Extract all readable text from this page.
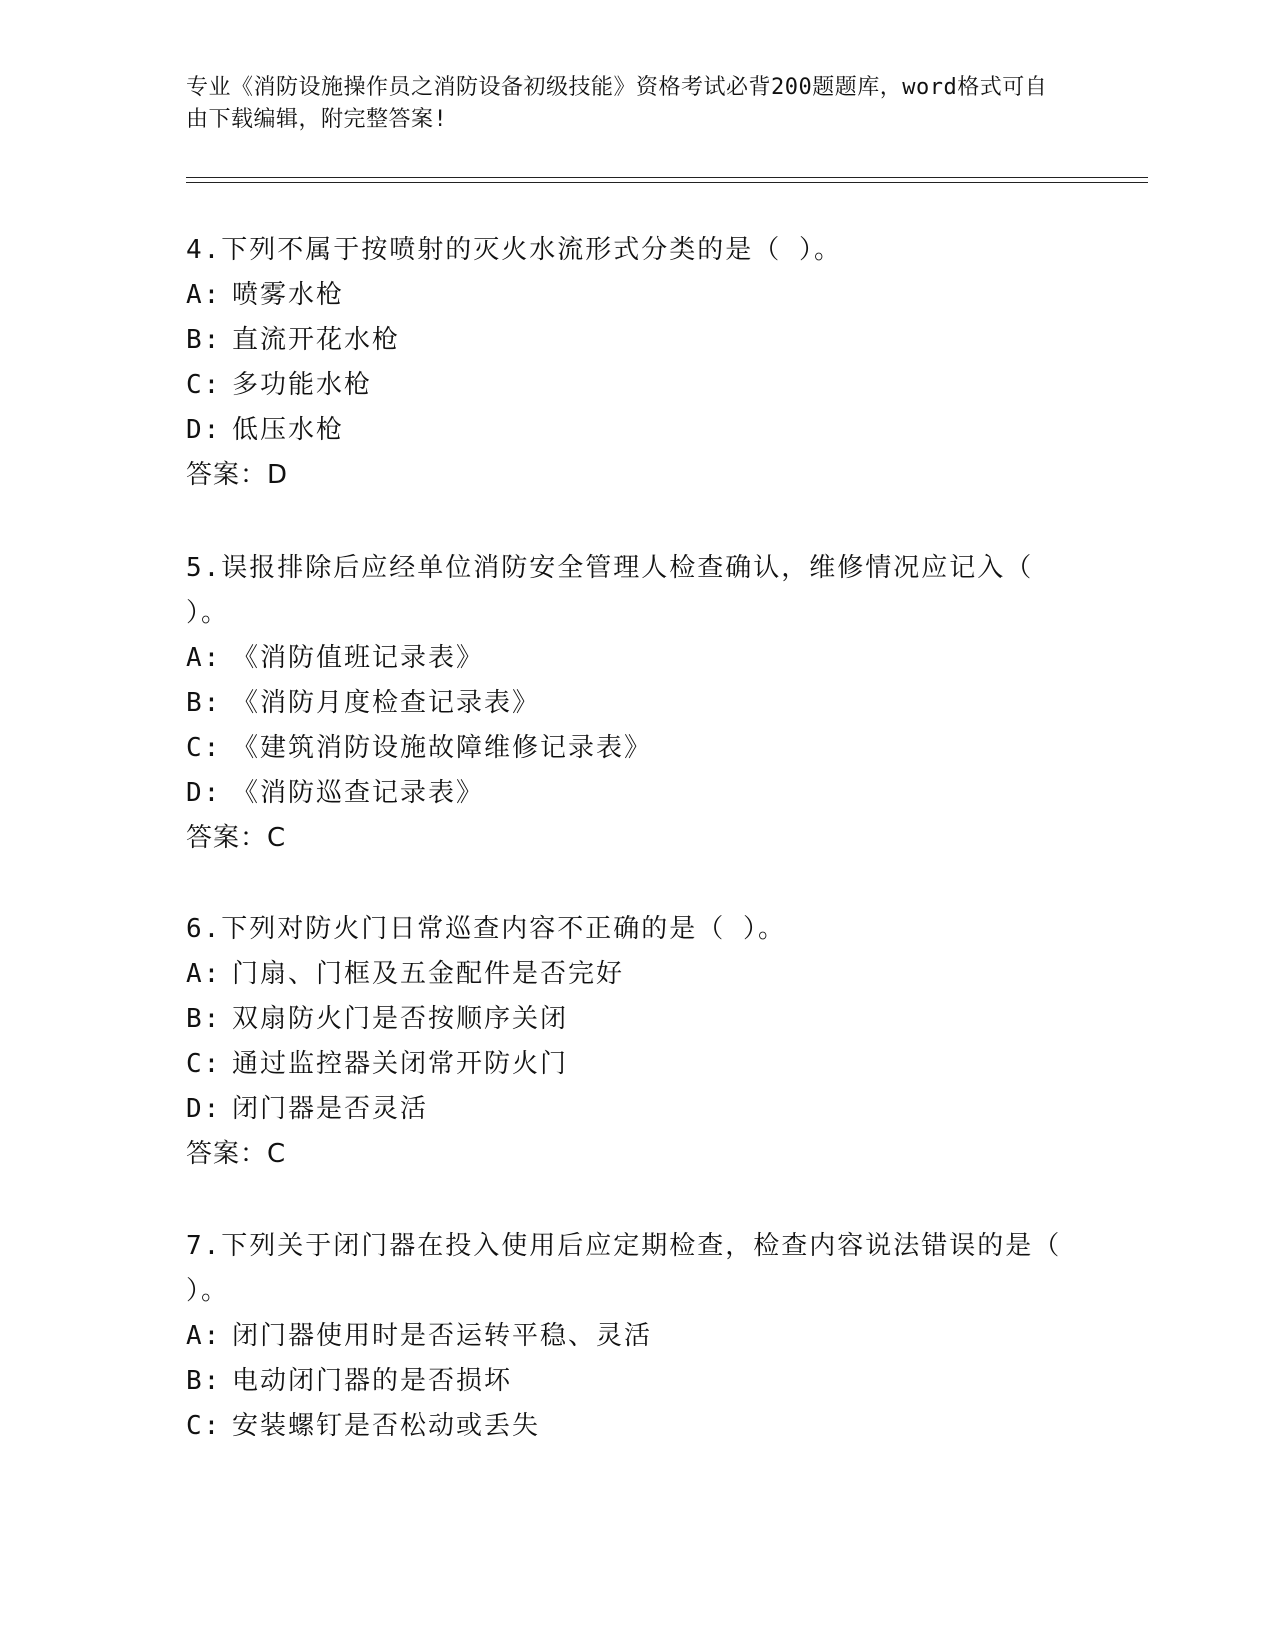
专业《消防设施操作员之消防设备初级技能》资格考试必背200题题库，word格式可自由下载编辑，附完整答案!

4.下列不属于按喷射的灭火水流形式分类的是（ ）。

A: 喷雾水枪

B: 直流开花水枪

C: 多功能水枪

D: 低压水枪

答案：D

5.误报排除后应经单位消防安全管理人检查确认，维修情况应记入（ ）。

A: 《消防值班记录表》

B: 《消防月度检查记录表》

C: 《建筑消防设施故障维修记录表》

D: 《消防巡查记录表》

答案：C

6.下列对防火门日常巡查内容不正确的是（ ）。

A: 门扇、门框及五金配件是否完好

B: 双扇防火门是否按顺序关闭

C: 通过监控器关闭常开防火门

D: 闭门器是否灵活

答案：C

7.下列关于闭门器在投入使用后应定期检查，检查内容说法错误的是（ ）。

A: 闭门器使用时是否运转平稳、灵活

B: 电动闭门器的是否损坏

C: 安装螺钉是否松动或丢失
